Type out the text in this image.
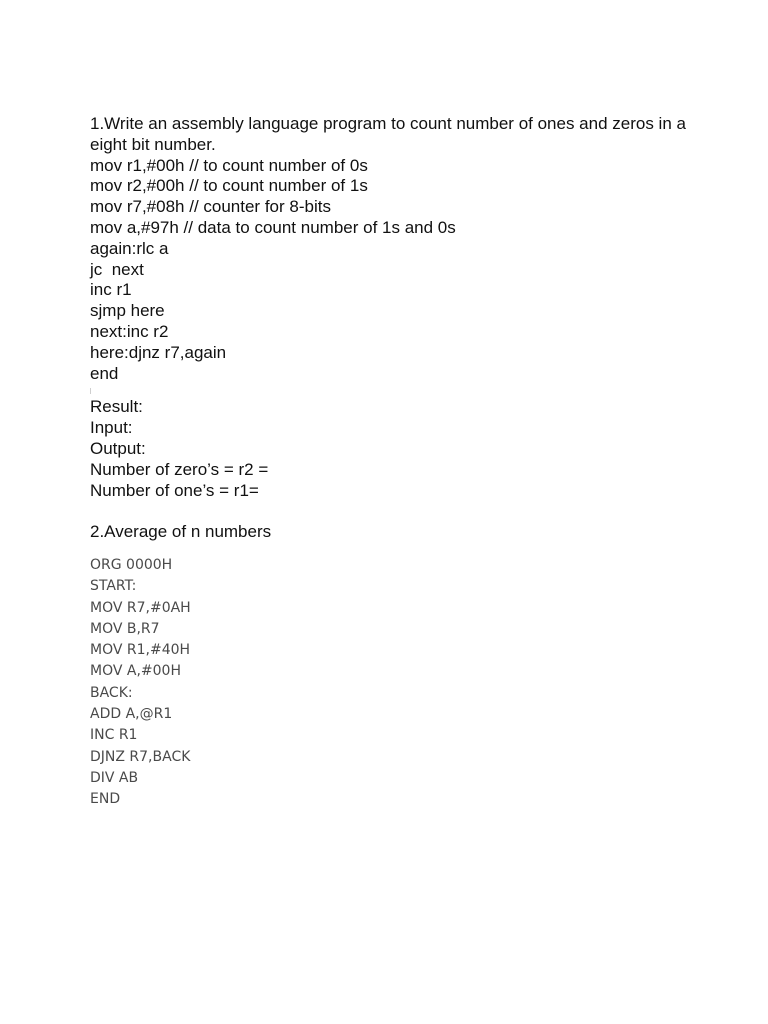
1.Write an assembly language program to count number of ones and zeros in a eight bit number.
mov r1,#00h // to count number of 0s
mov r2,#00h // to count number of 1s
mov r7,#08h // counter for 8-bits
mov a,#97h // data to count number of 1s and 0s
again:rlc a
jc  next
inc r1
sjmp here
next:inc r2
here:djnz r7,again
end
Result:
Input:
Output:
Number of zero’s = r2 =
Number of one’s = r1=
2.Average of n numbers
ORG 0000H
START:
MOV R7,#0AH
MOV B,R7
MOV R1,#40H
MOV A,#00H
BACK:
ADD A,@R1
INC R1
DJNZ R7,BACK
DIV AB
END
